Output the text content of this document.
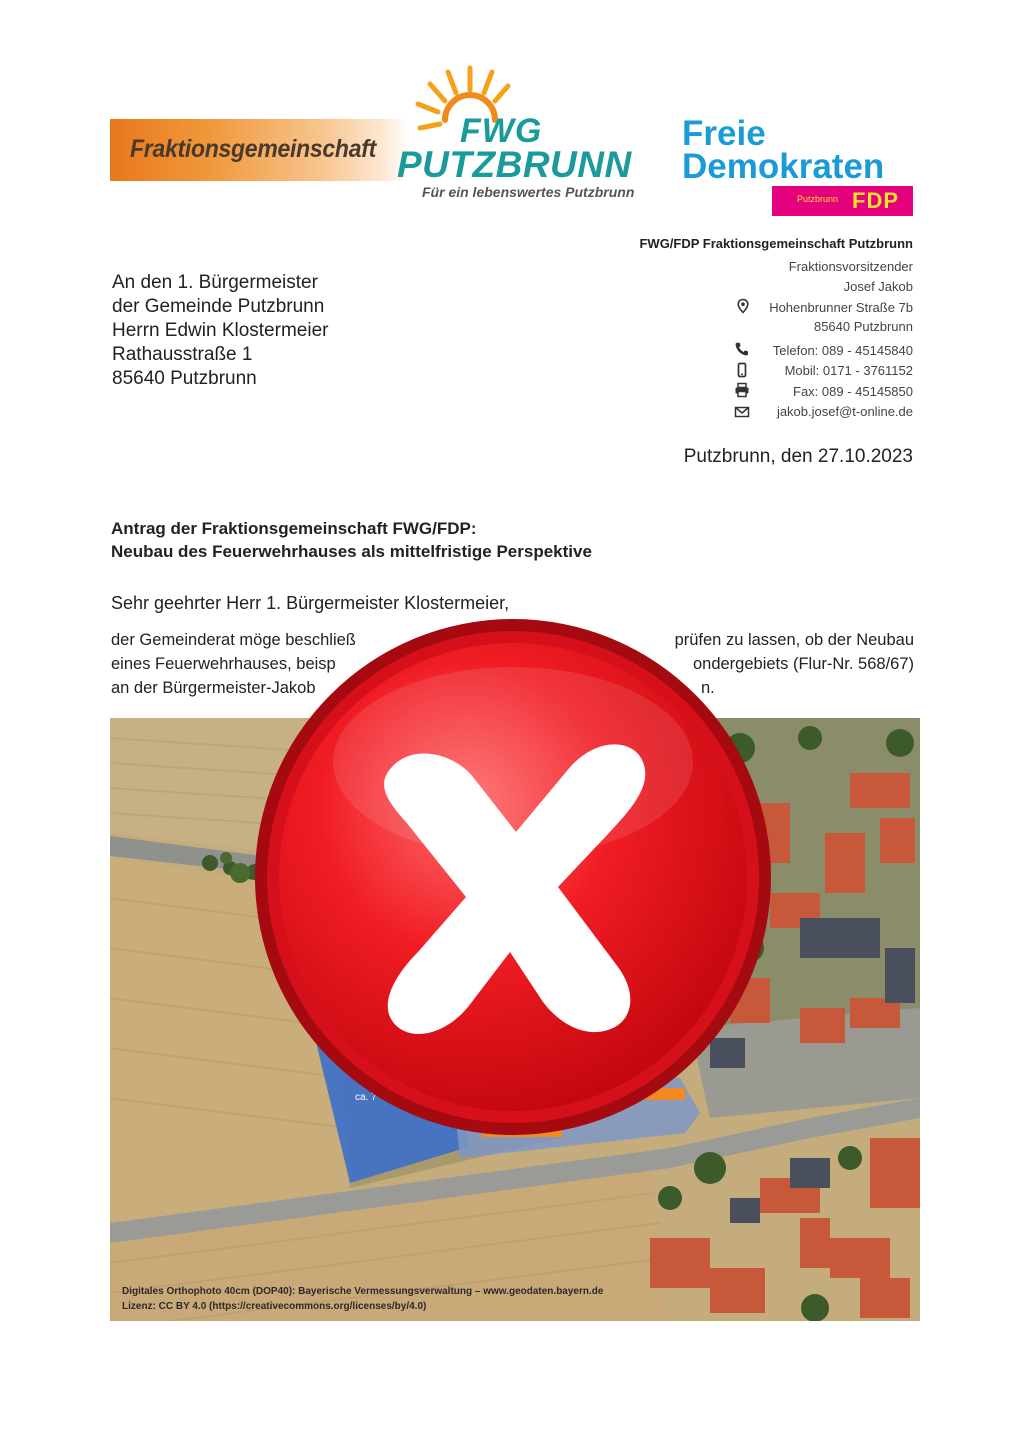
Fraktionsgemeinschaft FWG
PUTZBRUNN
Für ein lebenswertes Putzbrunn
Freie
Demokraten
Putzbrunn FDP
FWG/FDP Fraktionsgemeinschaft Putzbrunn
Fraktionsvorsitzender
Josef Jakob
Hohenbrunner Straße 7b
85640 Putzbrunn
Telefon: 089 - 45145840
Mobil: 0171 - 3761152
Fax: 089 - 45145850
jakob.josef@t-online.de
An den 1. Bürgermeister
der Gemeinde Putzbrunn
Herrn Edwin Klostermeier
Rathausstraße 1
85640 Putzbrunn
Putzbrunn, den 27.10.2023
Antrag der Fraktionsgemeinschaft FWG/FDP:
Neubau des Feuerwehrhauses als mittelfristige Perspektive
Sehr geehrter Herr 1. Bürgermeister Klostermeier,
der Gemeinderat möge beschließ	prüfen zu lassen, ob der Neubau
eines Feuerwehrhauses, beisp	ondergebiets (Flur-Nr. 568/67)
an der Bürgermeister-Jakob	n.
ca. 7
Digitales Orthophoto 40cm (DOP40): Bayerische Vermessungsverwaltung – www.geodaten.bayern.de
Lizenz: CC BY 4.0 (https://creativecommons.org/licenses/by/4.0)
